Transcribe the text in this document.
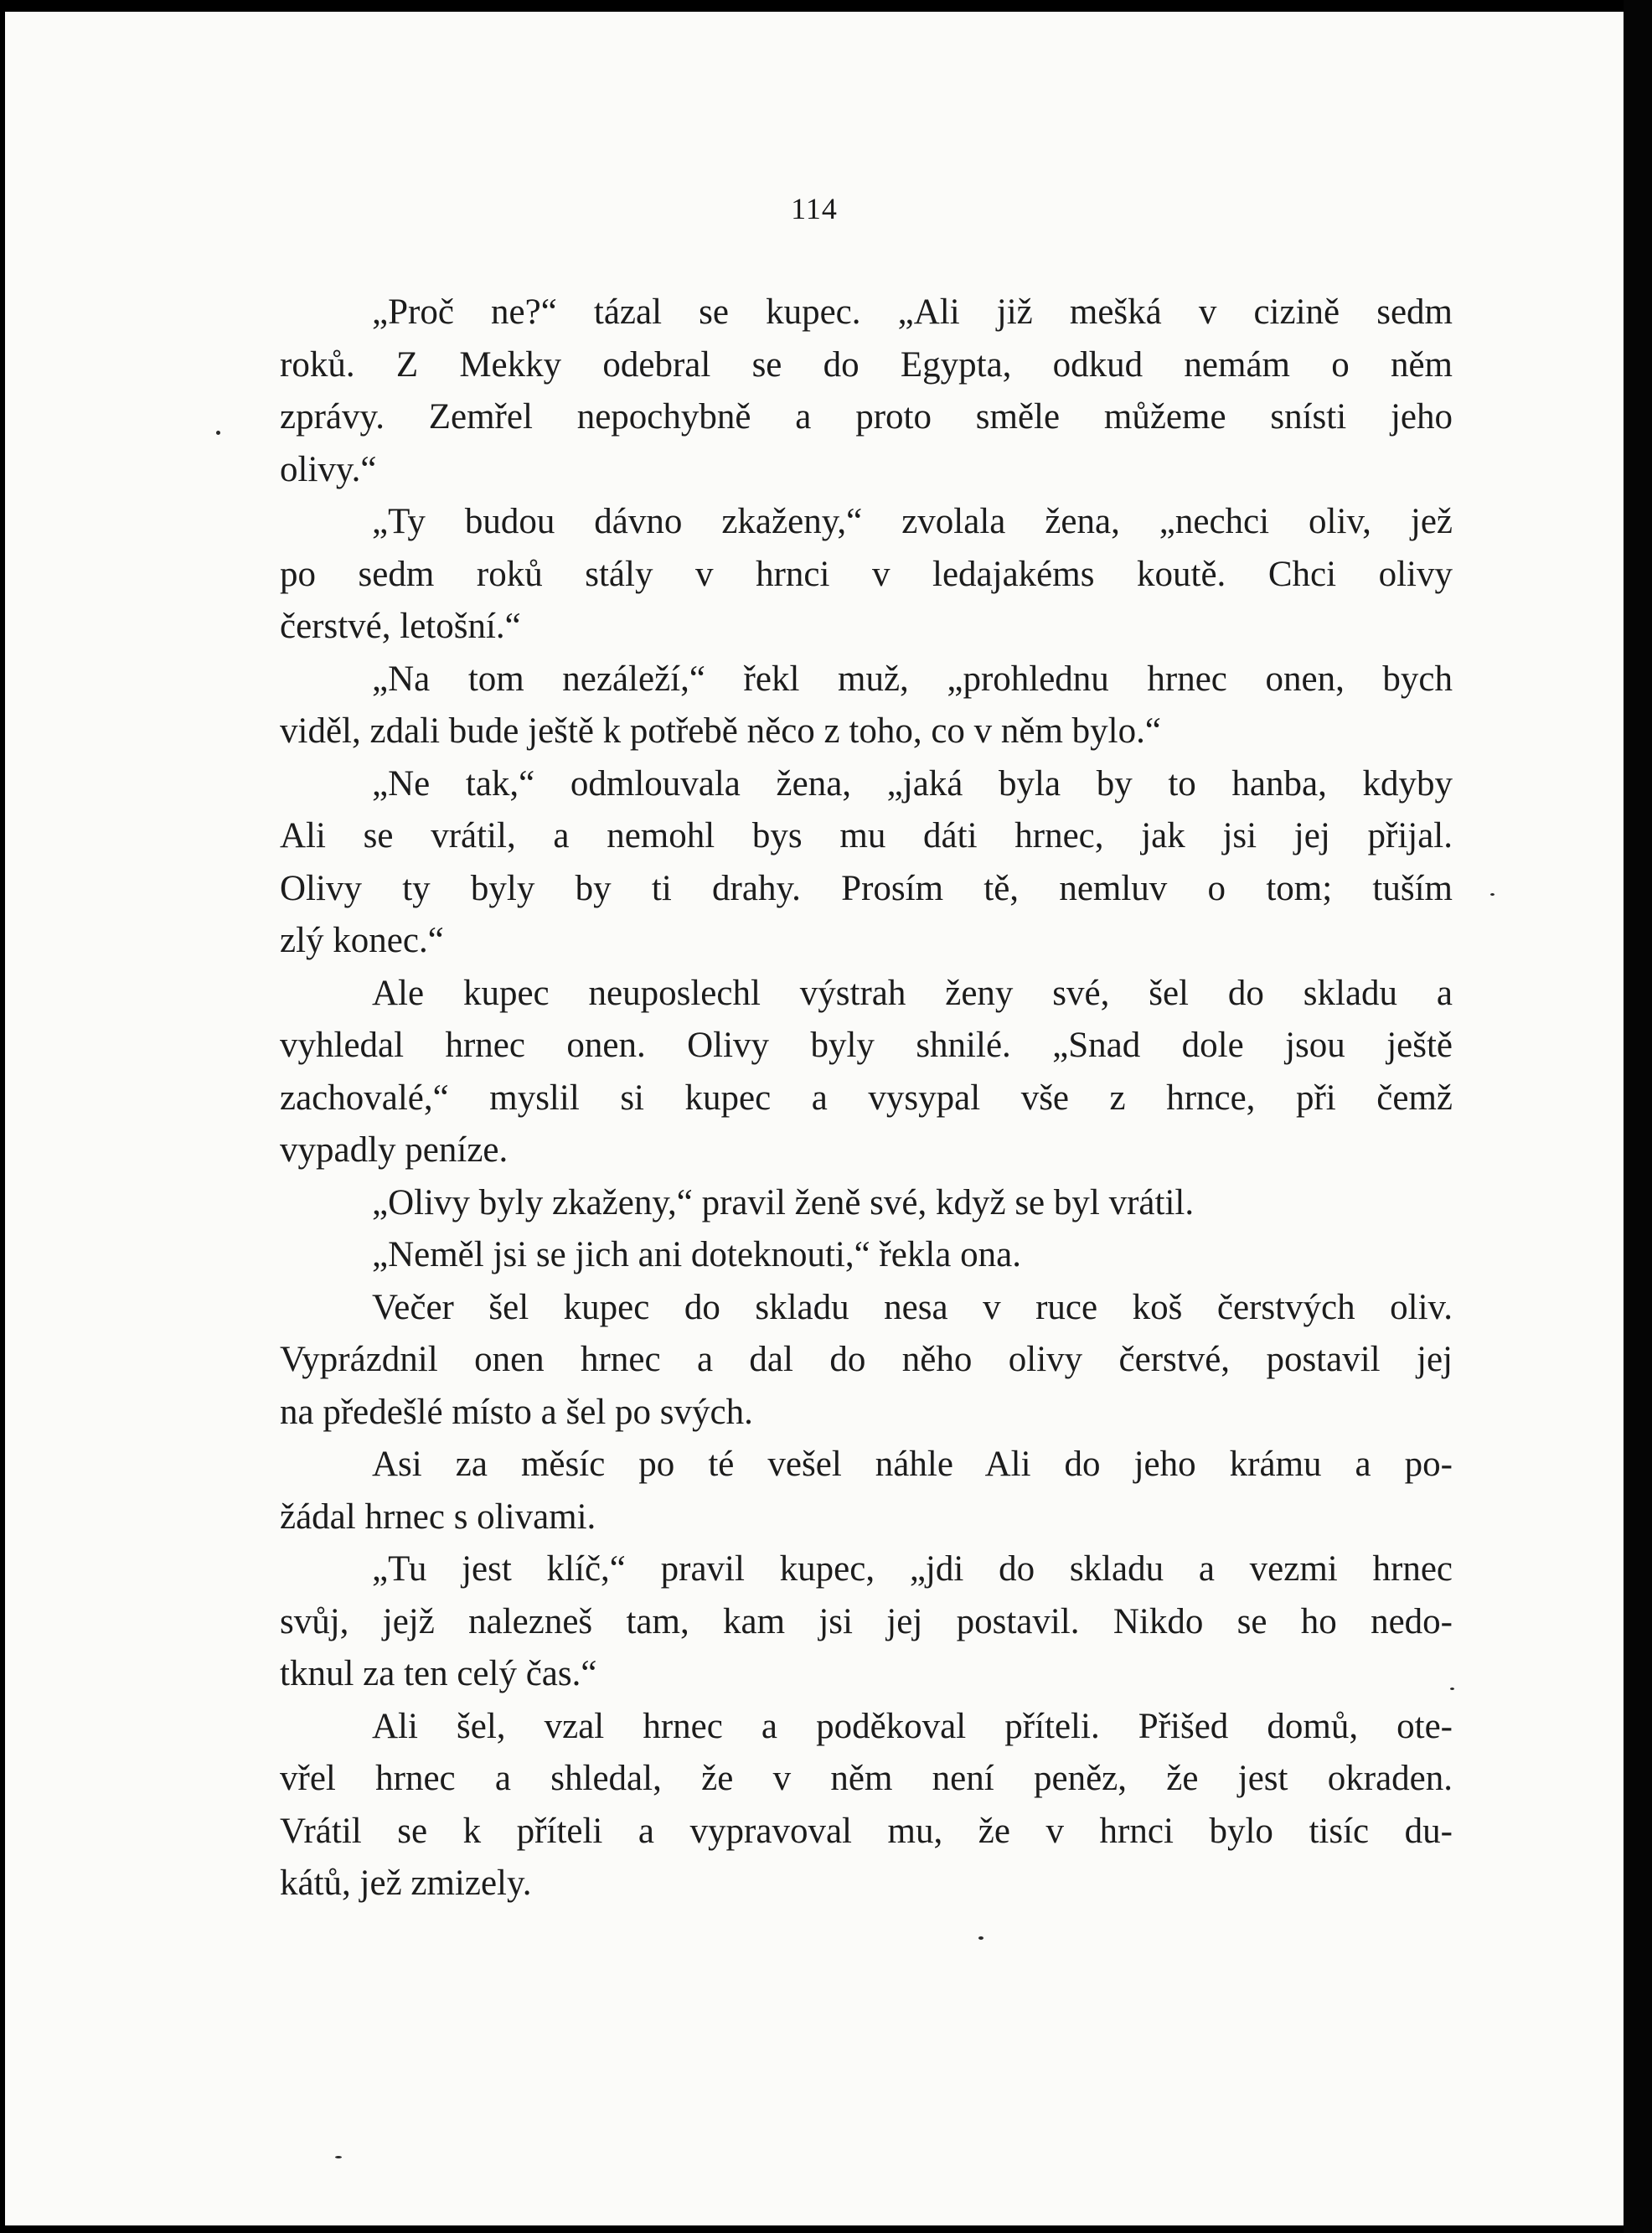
114
„Proč ne?“ tázal se kupec. „Ali již mešká v cizině sedm
roků. Z Mekky odebral se do Egypta, odkud nemám o něm
zprávy. Zemřel nepochybně a proto směle můžeme snísti jeho
olivy.“
„Ty budou dávno zkaženy,“ zvolala žena, „nechci oliv, jež
po sedm roků stály v hrnci v ledajakéms koutě. Chci olivy
čerstvé, letošní.“
„Na tom nezáleží,“ řekl muž, „prohlednu hrnec onen, bych
viděl, zdali bude ještě k potřebě něco z toho, co v něm bylo.“
„Ne tak,“ odmlouvala žena, „jaká byla by to hanba, kdyby
Ali se vrátil, a nemohl bys mu dáti hrnec, jak jsi jej přijal.
Olivy ty byly by ti drahy. Prosím tě, nemluv o tom; tuším
zlý konec.“
Ale kupec neuposlechl výstrah ženy své, šel do skladu a
vyhledal hrnec onen. Olivy byly shnilé. „Snad dole jsou ještě
zachovalé,“ myslil si kupec a vysypal vše z hrnce, při čemž
vypadly peníze.
„Olivy byly zkaženy,“ pravil ženě své, když se byl vrátil.
„Neměl jsi se jich ani doteknouti,“ řekla ona.
Večer šel kupec do skladu nesa v ruce koš čerstvých oliv.
Vyprázdnil onen hrnec a dal do něho olivy čerstvé, postavil jej
na předešlé místo a šel po svých.
Asi za měsíc po té vešel náhle Ali do jeho krámu a po-
žádal hrnec s olivami.
„Tu jest klíč,“ pravil kupec, „jdi do skladu a vezmi hrnec
svůj, jejž nalezneš tam, kam jsi jej postavil. Nikdo se ho nedo-
tknul za ten celý čas.“
Ali šel, vzal hrnec a poděkoval příteli. Přišed domů, ote-
vřel hrnec a shledal, že v něm není peněz, že jest okraden.
Vrátil se k příteli a vypravoval mu, že v hrnci bylo tisíc du-
kátů, jež zmizely.
